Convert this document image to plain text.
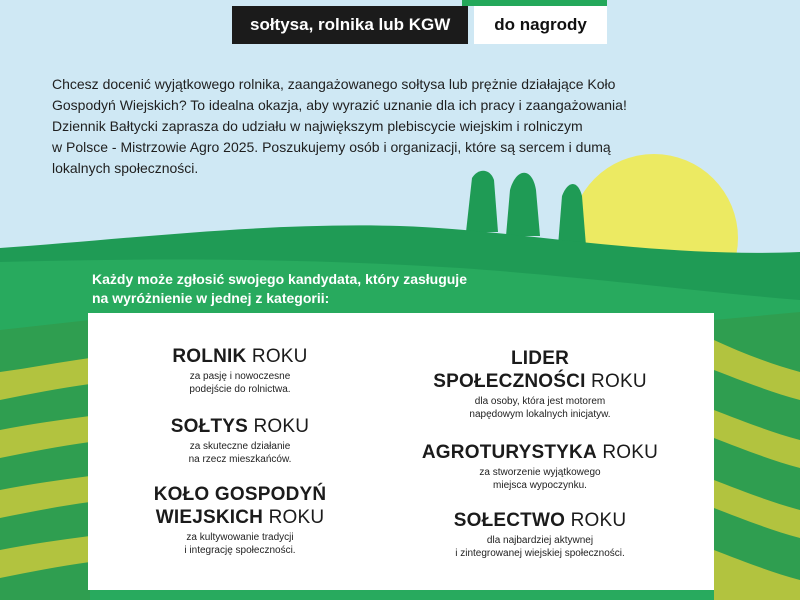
sołtysa, rolnika lub KGW	do nagrody
Chcesz docenić wyjątkowego rolnika, zaangażowanego sołtysa lub prężnie działające Koło
Gospodyń Wiejskich? To idealna okazja, aby wyrazić uznanie dla ich pracy i zaangażowania!
Dziennik Bałtycki zaprasza do udziału w największym plebiscycie wiejskim i rolniczym
w Polsce - Mistrzowie Agro 2025. Poszukujemy osób i organizacji, które są sercem i dumą
lokalnych społeczności.
Każdy może zgłosić swojego kandydata, który zasługuje
na wyróżnienie w jednej z kategorii:
ROLNIK ROKU
za pasję i nowoczesne
podejście do rolnictwa.
SOŁTYS ROKU
za skuteczne działanie
na rzecz mieszkańców.
KOŁO GOSPODYŃ
WIEJSKICH ROKU
za kultywowanie tradycji
i integrację społeczności.
LIDER
SPOŁECZNOŚCI ROKU
dla osoby, która jest motorem
napędowym lokalnych inicjatyw.
AGROTURYSTYKA ROKU
za stworzenie wyjątkowego
miejsca wypoczynku.
SOŁECTWO ROKU
dla najbardziej aktywnej
i zintegrowanej wiejskiej społeczności.
